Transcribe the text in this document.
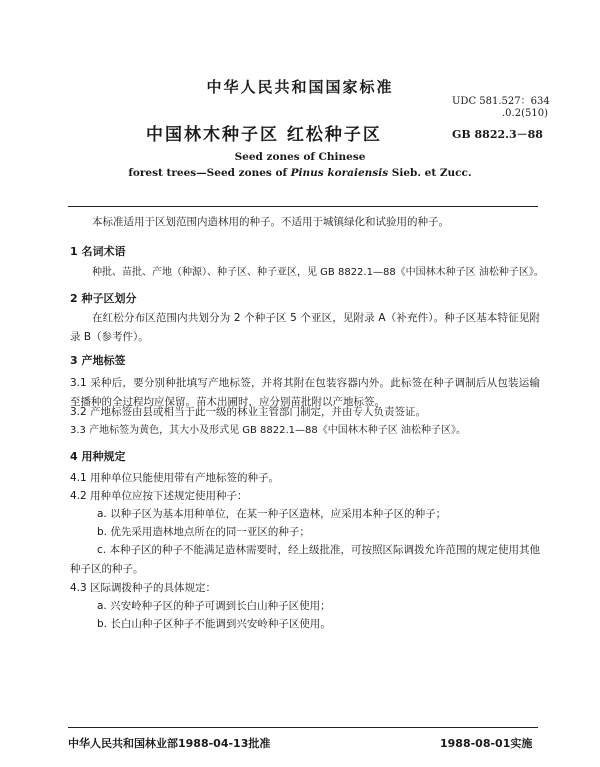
中华人民共和国国家标准
UDC 581.527：634
.0.2(510)
中国林木种子区 红松种子区	GB 8822.3－88
Seed zones of Chinese
forest trees—Seed zones of Pinus koraiensis Sieb. et Zucc.
本标准适用于区划范围内造林用的种子。不适用于城镇绿化和试验用的种子。
1 名词术语
种批、苗批、产地（种源）、种子区、种子亚区，见 GB 8822.1—88《中国林木种子区 油松种子区》。
2 种子区划分
在红松分布区范围内共划分为 2 个种子区 5 个亚区，见附录 A（补充件）。种子区基本特征见附录 B（参考件）。
3 产地标签
3.1 采种后，要分别种批填写产地标签，并将其附在包装容器内外。此标签在种子调制后从包装运输至播种的全过程均应保留。苗木出圃时，应分别苗批附以产地标签。
3.2 产地标签由县或相当于此一级的林业主管部门制定，并由专人负责签证。
3.3 产地标签为黄色，其大小及形式见 GB 8822.1—88《中国林木种子区 油松种子区》。
4 用种规定
4.1 用种单位只能使用带有产地标签的种子。
4.2 用种单位应按下述规定使用种子：
a. 以种子区为基本用种单位，在某一种子区造林，应采用本种子区的种子；
b. 优先采用造林地点所在的同一亚区的种子；
c. 本种子区的种子不能满足造林需要时，经上级批准，可按照区际调拨允许范围的规定使用其他种子区的种子。
4.3 区际调拨种子的具体规定：
a. 兴安岭种子区的种子可调到长白山种子区使用；
b. 长白山种子区种子不能调到兴安岭种子区使用。
中华人民共和国林业部1988-04-13批准	1988-08-01实施
